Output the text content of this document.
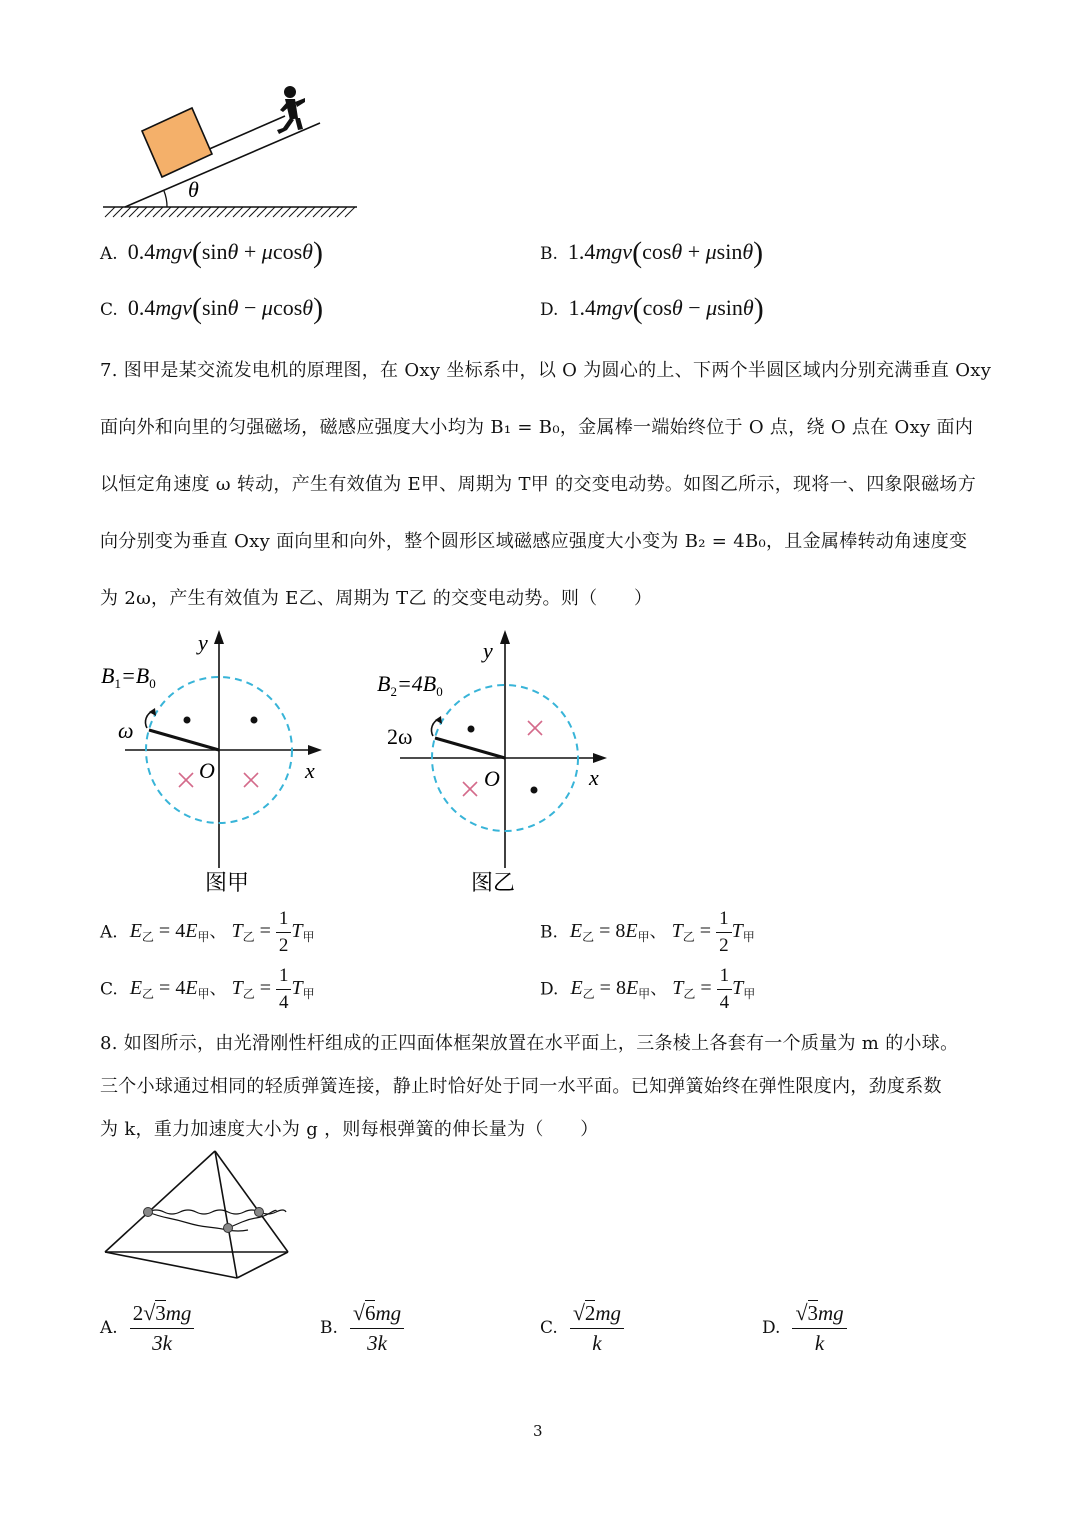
θ
A. 0.4mgv(sinθ + μcosθ)	B. 1.4mgv(cosθ + μsinθ)
C. 0.4mgv(sinθ − μcosθ)	D. 1.4mgv(cosθ − μsinθ)
7. 图甲是某交流发电机的原理图，在 Oxy 坐标系中，以 O 为圆心的上、下两个半圆区域内分别充满垂直 Oxy
面向外和向里的匀强磁场，磁感应强度大小均为 B₁ = B₀，金属棒一端始终位于 O 点，绕 O 点在 Oxy 面内
以恒定角速度 ω 转动，产生有效值为 E甲、周期为 T甲 的交变电动势。如图乙所示，现将一、四象限磁场方
向分别变为垂直 Oxy 面向里和向外，整个圆形区域磁感应强度大小变为 B₂ = 4B₀，且金属棒转动角速度变
为 2ω，产生有效值为 E乙、周期为 T乙 的交变电动势。则（　　）
$B_1=B_0$
ω
y
x
O
图甲
$B_2=4B_0$
2ω
y
x
O
图乙
A. $E_乙 = 4E_甲$、 $T_乙 = \frac{1}{2} T_甲$	B. $E_乙 = 8E_甲$、 $T_乙 = \frac{1}{2} T_甲$
C. $E_乙 = 4E_甲$、 $T_乙 = \frac{1}{4} T_甲$	D. $E_乙 = 8E_甲$、 $T_乙 = \frac{1}{4} T_甲$
8. 如图所示，由光滑刚性杆组成的正四面体框架放置在水平面上，三条棱上各套有一个质量为 m 的小球。
三个小球通过相同的轻质弹簧连接，静止时恰好处于同一水平面。已知弹簧始终在弹性限度内，劲度系数
为 k，重力加速度大小为 g ，则每根弹簧的伸长量为（　　）
A. $\frac{2√3mg}{3k}$	B. $\frac{√6mg}{3k}$	C. $\frac{√2mg}{k}$	D. $\frac{√3mg}{k}$
3
